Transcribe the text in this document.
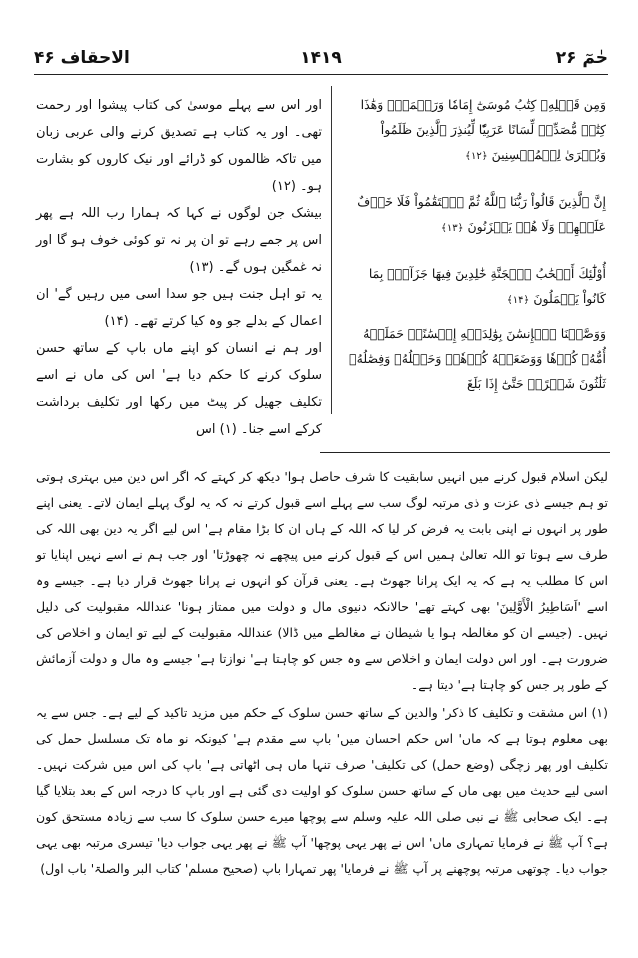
الاحقاف ۴۶	۱۴۱۹	حٰمٓ ۲۶

وَمِن قَبۡلِهِۦ كِتَٰبُ مُوسَىٰٓ إِمَامٗا وَرَحۡمَةٗۚ وَهَٰذَا كِتَٰبٞ مُّصَدِّقٞ لِّسَانًا عَرَبِيّٗا لِّيُنذِرَ ٱلَّذِينَ ظَلَمُواْ وَبُشۡرَىٰ لِلۡمُحۡسِنِينَ ﴿۱۲﴾

إِنَّ ٱلَّذِينَ قَالُواْ رَبُّنَا ٱللَّهُ ثُمَّ ٱسۡتَقَٰمُواْ فَلَا خَوۡفٌ عَلَيۡهِمۡ وَلَا هُمۡ يَحۡزَنُونَ ﴿۱۳﴾

أُوْلَٰٓئِكَ أَصۡحَٰبُ ٱلۡجَنَّةِ خَٰلِدِينَ فِيهَا جَزَآءَۢ بِمَا كَانُواْ يَعۡمَلُونَ ﴿۱۴﴾

وَوَصَّيۡنَا ٱلۡإِنسَٰنَ بِوَٰلِدَيۡهِ إِحۡسَٰنًاۖ حَمَلَتۡهُ أُمُّهُۥ كُرۡهٗا وَوَضَعَتۡهُ كُرۡهٗاۖ وَحَمۡلُهُۥ وَفِصَٰلُهُۥ ثَلَٰثُونَ شَهۡرًاۚ حَتَّىٰٓ إِذَا بَلَغَ

اور اس سے پہلے موسیٰ کی کتاب پیشوا اور رحمت تھی۔ اور یہ کتاب ہے تصدیق کرنے والی عربی زبان میں تاکہ ظالموں کو ڈرائے اور نیک کاروں کو بشارت ہو۔ (۱۲)

بیشک جن لوگوں نے کہا کہ ہمارا رب اللہ ہے پھر اس پر جمے رہے تو ان پر نہ تو کوئی خوف ہو گا اور نہ غمگین ہوں گے۔ (۱۳)

یہ تو اہل جنت ہیں جو سدا اسی میں رہیں گے' ان اعمال کے بدلے جو وہ کیا کرتے تھے۔ (۱۴)

اور ہم نے انسان کو اپنے ماں باپ کے ساتھ حسن سلوک کرنے کا حکم دیا ہے' اس کی ماں نے اسے تکلیف جھیل کر پیٹ میں رکھا اور تکلیف برداشت کرکے اسے جنا۔ (۱) اس

لیکن اسلام قبول کرنے میں انہیں سابقیت کا شرف حاصل ہوا' دیکھ کر کہتے کہ اگر اس دین میں بہتری ہوتی تو ہم جیسے ذی عزت و ذی مرتبہ لوگ سب سے پہلے اسے قبول کرتے نہ کہ یہ لوگ پہلے ایمان لاتے۔ یعنی اپنے طور پر انہوں نے اپنی بابت یہ فرض کر لیا کہ اللہ کے ہاں ان کا بڑا مقام ہے' اس لیے اگر یہ دین بھی اللہ کی طرف سے ہوتا تو اللہ تعالیٰ ہمیں اس کے قبول کرنے میں پیچھے نہ چھوڑتا' اور جب ہم نے اسے نہیں اپنایا تو اس کا مطلب یہ ہے کہ یہ ایک پرانا جھوٹ ہے۔ یعنی قرآن کو انہوں نے پرانا جھوٹ قرار دیا ہے۔ جیسے وہ اسے 'اَسَاطِيرُ الْأَوَّلِينَ' بھی کہتے تھے' حالانکہ دنیوی مال و دولت میں ممتاز ہونا' عنداللہ مقبولیت کی دلیل نہیں۔ (جیسے ان کو مغالطہ ہوا یا شیطان نے مغالطے میں ڈالا) عنداللہ مقبولیت کے لیے تو ایمان و اخلاص کی ضرورت ہے۔ اور اس دولت ایمان و اخلاص سے وہ جس کو چاہتا ہے' نوازتا ہے' جیسے وہ مال و دولت آزمائش کے طور پر جس کو چاہتا ہے' دیتا ہے۔

(۱) اس مشقت و تکلیف کا ذکر' والدین کے ساتھ حسن سلوک کے حکم میں مزید تاکید کے لیے ہے۔ جس سے یہ بھی معلوم ہوتا ہے کہ ماں' اس حکم احسان میں' باپ سے مقدم ہے' کیونکہ نو ماہ تک مسلسل حمل کی تکلیف اور پھر زچگی (وضع حمل) کی تکلیف' صرف تنہا ماں ہی اٹھاتی ہے' باپ کی اس میں شرکت نہیں۔ اسی لیے حدیث میں بھی ماں کے ساتھ حسن سلوک کو اولیت دی گئی ہے اور باپ کا درجہ اس کے بعد بتلایا گیا ہے۔ ایک صحابی ﷺ نے نبی صلی اللہ علیہ وسلم سے پوچھا میرے حسن سلوک کا سب سے زیادہ مستحق کون ہے؟ آپ ﷺ نے فرمایا تمہاری ماں' اس نے پھر یہی پوچھا' آپ ﷺ نے پھر یہی جواب دیا' تیسری مرتبہ بھی یہی جواب دیا۔ چوتھی مرتبہ پوچھنے پر آپ ﷺ نے فرمایا' پھر تمہارا باپ (صحیح مسلم' کتاب البر والصلۃ' باب اول)
